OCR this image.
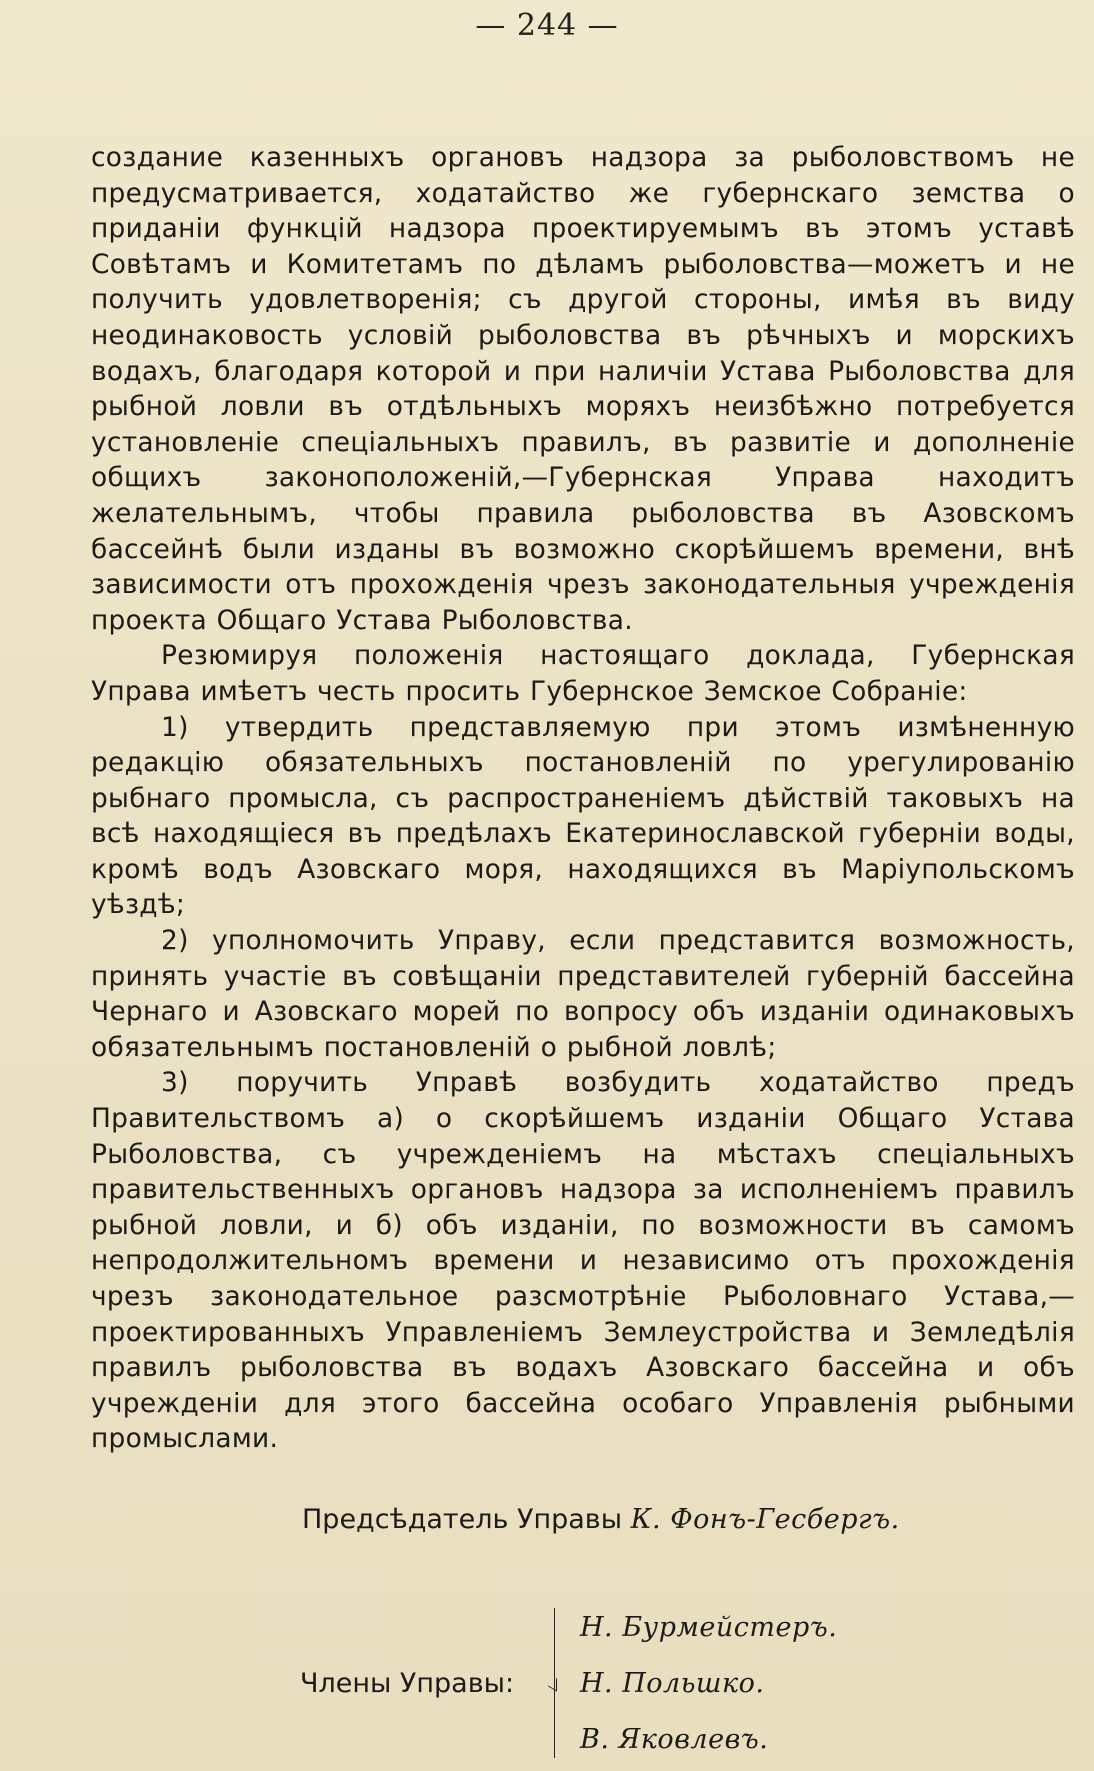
— 244 —

создание казенныхъ органовъ надзора за рыболовствомъ не предусматривается, ходатайство же губернскаго земства о приданіи функцій надзора проектируемымъ въ этомъ уставѣ Совѣтамъ и Комитетамъ по дѣламъ рыболовства—можетъ и не получить удовлетворенія; съ другой стороны, имѣя въ виду неодинаковость условій рыболовства въ рѣчныхъ и морскихъ водахъ, благодаря которой и при наличіи Устава Рыболовства для рыбной ловли въ отдѣльныхъ моряхъ неизбѣжно потребуется установленіе спеціальныхъ правилъ, въ развитіе и дополненіе общихъ законоположеній,—Губернская Управа находитъ желательнымъ, чтобы правила рыболовства въ Азовскомъ бассейнѣ были изданы въ возможно скорѣйшемъ времени, внѣ зависимости отъ прохожденія чрезъ законодательныя учрежденія проекта Общаго Устава Рыболовства.

Резюмируя положенія настоящаго доклада, Губернская Управа имѣетъ честь просить Губернское Земское Собраніе:

1) утвердить представляемую при этомъ измѣненную редакцію обязательныхъ постановленій по урегулированію рыбнаго промысла, съ распространеніемъ дѣйствій таковыхъ на всѣ находящіеся въ предѣлахъ Екатеринославской губерніи воды, кромѣ водъ Азовскаго моря, находящихся въ Маріупольскомъ уѣздѣ;

2) уполномочить Управу, если представится возможность, принять участіе въ совѣщаніи представителей губерній бассейна Чернаго и Азовскаго морей по вопросу объ изданіи одинаковыхъ обязательнымъ постановленій о рыбной ловлѣ;

3) поручить Управѣ возбудить ходатайство предъ Правительствомъ а) о скорѣйшемъ изданіи Общаго Устава Рыболовства, съ учрежденіемъ на мѣстахъ спеціальныхъ правительственныхъ органовъ надзора за исполненіемъ правилъ рыбной ловли, и б) объ изданіи, по возможности въ самомъ непродолжительномъ времени и независимо отъ прохожденія чрезъ законодательное разсмотрѣніе Рыболовнаго Устава,—проектированныхъ Управленіемъ Землеустройства и Земледѣлія правилъ рыболовства въ водахъ Азовскаго бассейна и объ учрежденіи для этого бассейна особаго Управленія рыбными промыслами.

Предсѣдатель Управы К. Фонъ-Гесбергъ.
Члены Управы:
Н. Бурмейстеръ.
Н. Польшко.
В. Яковлевъ.
